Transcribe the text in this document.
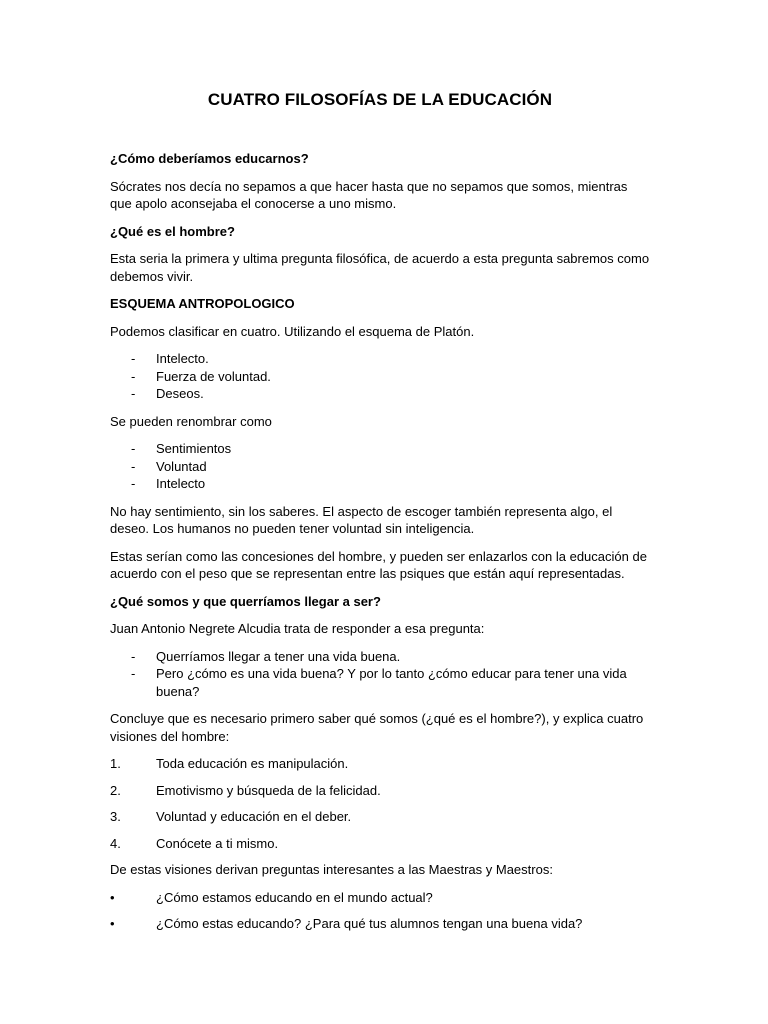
CUATRO FILOSOFÍAS DE LA EDUCACIÓN
¿Cómo deberíamos educarnos?

Sócrates nos decía no sepamos a que hacer hasta que no sepamos que somos, mientras que apolo aconsejaba el conocerse a uno mismo.

¿Qué es el hombre?

Esta seria la primera y ultima pregunta filosófica, de acuerdo a esta pregunta sabremos como debemos vivir.

ESQUEMA ANTROPOLOGICO

Podemos clasificar en cuatro. Utilizando el esquema de Platón.

- Intelecto.
- Fuerza de voluntad.
- Deseos.

Se pueden renombrar como

- Sentimientos
- Voluntad
- Intelecto

No hay sentimiento, sin los saberes. El aspecto de escoger también representa algo, el deseo. Los humanos no pueden tener voluntad sin inteligencia.

Estas serían como las concesiones del hombre, y pueden ser enlazarlos con la educación de acuerdo con el peso que se representan entre las psiques que están aquí representadas.

¿Qué somos y que querríamos llegar a ser?

Juan Antonio Negrete Alcudia trata de responder a esa pregunta:

- Querríamos llegar a tener una vida buena.
- Pero ¿cómo es una vida buena? Y por lo tanto ¿cómo educar para tener una vida buena?

Concluye que es necesario primero saber qué somos (¿qué es el hombre?), y explica cuatro visiones del hombre:

1.	Toda educación es manipulación.
2.	Emotivismo y búsqueda de la felicidad.
3.	Voluntad y educación en el deber.
4.	Conócete a ti mismo.

De estas visiones derivan preguntas interesantes a las Maestras y Maestros:

•	¿Cómo estamos educando en el mundo actual?
•	¿Cómo estas educando? ¿Para qué tus alumnos tengan una buena vida?
